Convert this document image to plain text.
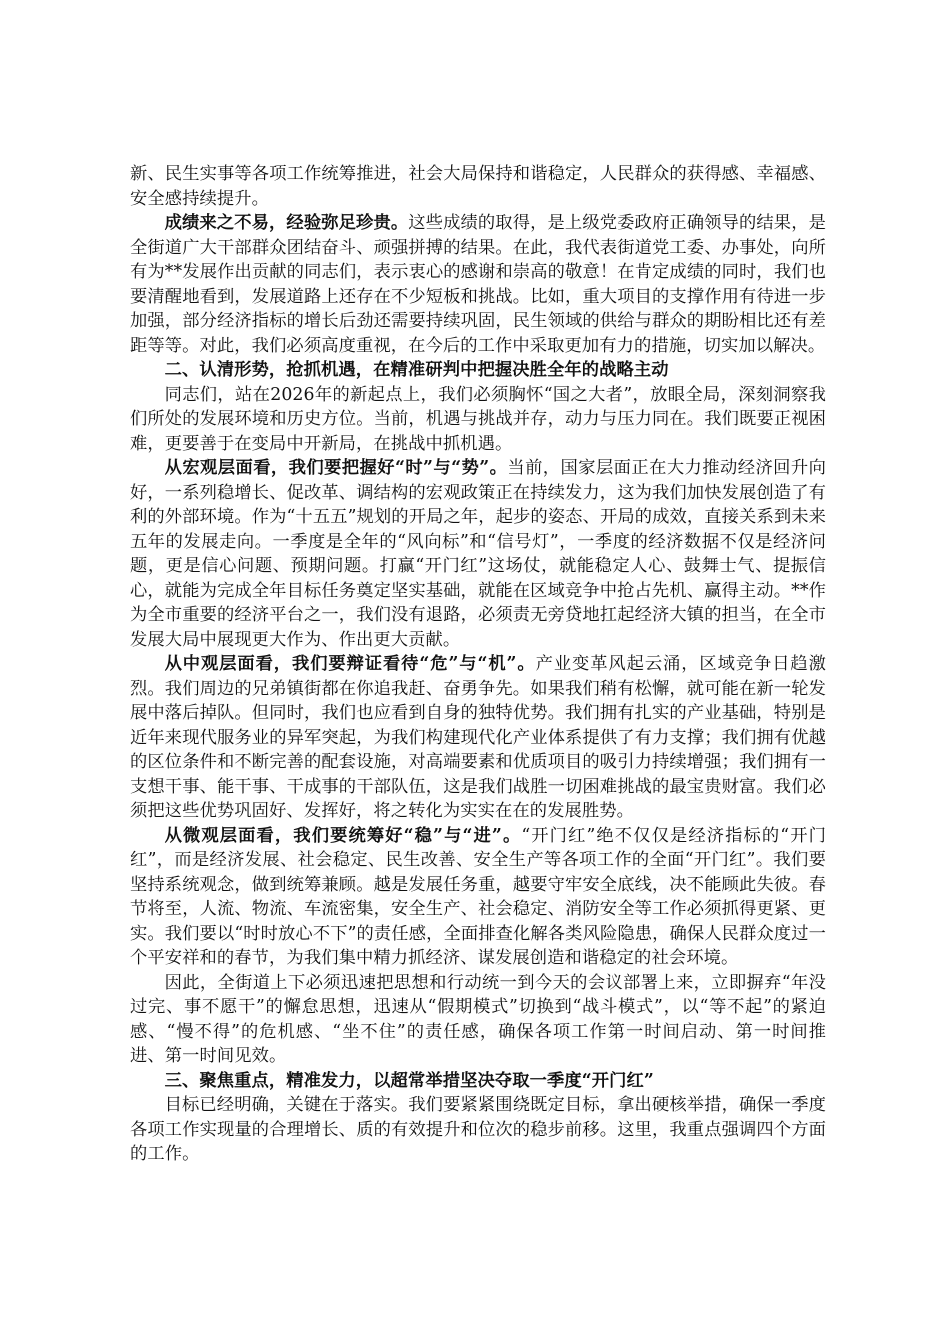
新、民生实事等各项工作统筹推进，社会大局保持和谐稳定，人民群众的获得感、幸福感、安全感持续提升。

成绩来之不易，经验弥足珍贵。这些成绩的取得，是上级党委政府正确领导的结果，是全街道广大干部群众团结奋斗、顽强拼搏的结果。在此，我代表街道党工委、办事处，向所有为**发展作出贡献的同志们，表示衷心的感谢和崇高的敬意！在肯定成绩的同时，我们也要清醒地看到，发展道路上还存在不少短板和挑战。比如，重大项目的支撑作用有待进一步加强，部分经济指标的增长后劲还需要持续巩固，民生领域的供给与群众的期盼相比还有差距等等。对此，我们必须高度重视，在今后的工作中采取更加有力的措施，切实加以解决。

二、认清形势，抢抓机遇，在精准研判中把握决胜全年的战略主动

同志们，站在2026年的新起点上，我们必须胸怀“国之大者”，放眼全局，深刻洞察我们所处的发展环境和历史方位。当前，机遇与挑战并存，动力与压力同在。我们既要正视困难，更要善于在变局中开新局，在挑战中抓机遇。

从宏观层面看，我们要把握好“时”与“势”。当前，国家层面正在大力推动经济回升向好，一系列稳增长、促改革、调结构的宏观政策正在持续发力，这为我们加快发展创造了有利的外部环境。作为“十五五”规划的开局之年，起步的姿态、开局的成效，直接关系到未来五年的发展走向。一季度是全年的“风向标”和“信号灯”，一季度的经济数据不仅是经济问题，更是信心问题、预期问题。打赢“开门红”这场仗，就能稳定人心、鼓舞士气、提振信心，就能为完成全年目标任务奠定坚实基础，就能在区域竞争中抢占先机、赢得主动。**作为全市重要的经济平台之一，我们没有退路，必须责无旁贷地扛起经济大镇的担当，在全市发展大局中展现更大作为、作出更大贡献。

从中观层面看，我们要辩证看待“危”与“机”。产业变革风起云涌，区域竞争日趋激烈。我们周边的兄弟镇街都在你追我赶、奋勇争先。如果我们稍有松懈，就可能在新一轮发展中落后掉队。但同时，我们也应看到自身的独特优势。我们拥有扎实的产业基础，特别是近年来现代服务业的异军突起，为我们构建现代化产业体系提供了有力支撑；我们拥有优越的区位条件和不断完善的配套设施，对高端要素和优质项目的吸引力持续增强；我们拥有一支想干事、能干事、干成事的干部队伍，这是我们战胜一切困难挑战的最宝贵财富。我们必须把这些优势巩固好、发挥好，将之转化为实实在在的发展胜势。

从微观层面看，我们要统筹好“稳”与“进”。“开门红”绝不仅仅是经济指标的“开门红”，而是经济发展、社会稳定、民生改善、安全生产等各项工作的全面“开门红”。我们要坚持系统观念，做到统筹兼顾。越是发展任务重，越要守牢安全底线，决不能顾此失彼。春节将至，人流、物流、车流密集，安全生产、社会稳定、消防安全等工作必须抓得更紧、更实。我们要以“时时放心不下”的责任感，全面排查化解各类风险隐患，确保人民群众度过一个平安祥和的春节，为我们集中精力抓经济、谋发展创造和谐稳定的社会环境。

因此，全街道上下必须迅速把思想和行动统一到今天的会议部署上来，立即摒弃“年没过完、事不愿干”的懈怠思想，迅速从“假期模式”切换到“战斗模式”，以“等不起”的紧迫感、“慢不得”的危机感、“坐不住”的责任感，确保各项工作第一时间启动、第一时间推进、第一时间见效。

三、聚焦重点，精准发力，以超常举措坚决夺取一季度“开门红”

目标已经明确，关键在于落实。我们要紧紧围绕既定目标，拿出硬核举措，确保一季度各项工作实现量的合理增长、质的有效提升和位次的稳步前移。这里，我重点强调四个方面的工作。
